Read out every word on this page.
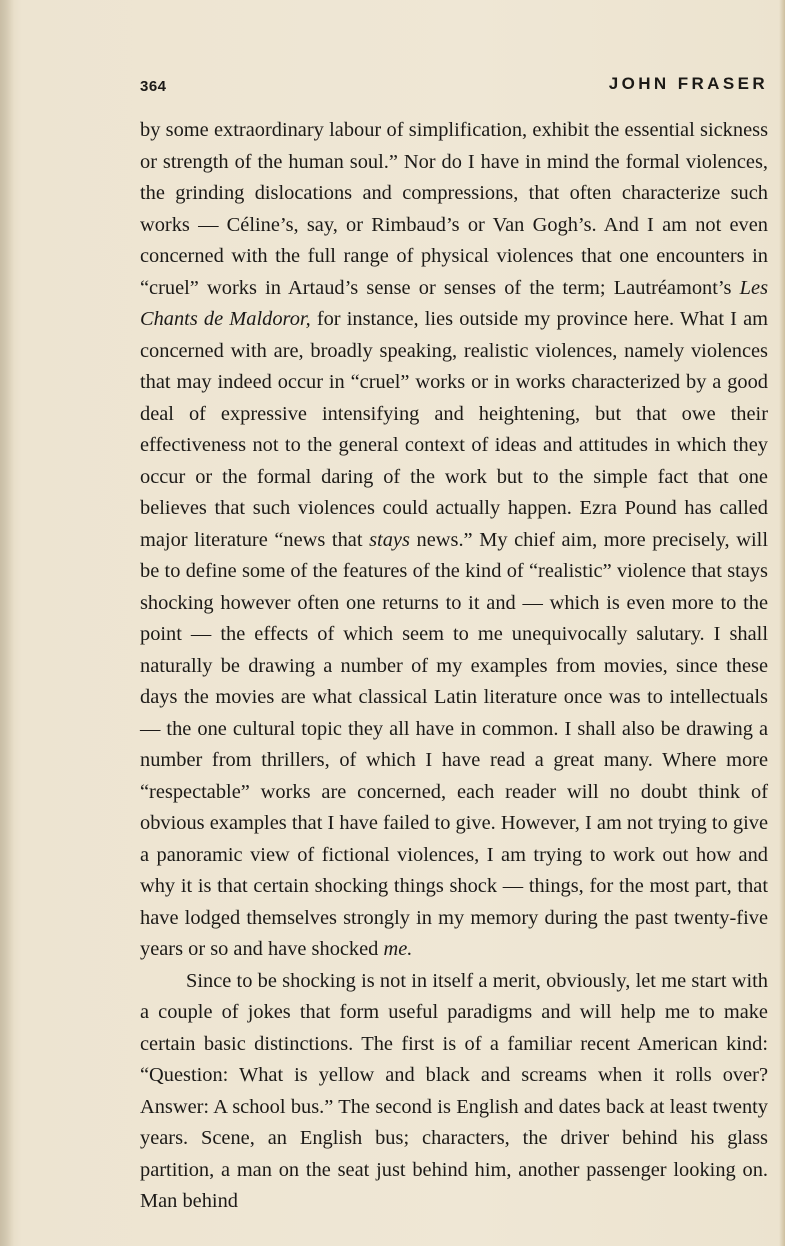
364	JOHN FRASER

by some extraordinary labour of simplification, exhibit the essential sickness or strength of the human soul.” Nor do I have in mind the formal violences, the grinding dislocations and compressions, that often characterize such works — Céline’s, say, or Rimbaud’s or Van Gogh’s. And I am not even concerned with the full range of physical violences that one encounters in “cruel” works in Artaud’s sense or senses of the term; Lautréamont’s Les Chants de Maldoror, for instance, lies outside my province here. What I am concerned with are, broadly speaking, realistic violences, namely violences that may indeed occur in “cruel” works or in works characterized by a good deal of expressive intensifying and heightening, but that owe their effectiveness not to the general context of ideas and attitudes in which they occur or the formal daring of the work but to the simple fact that one believes that such violences could actually happen. Ezra Pound has called major literature “news that stays news.” My chief aim, more precisely, will be to define some of the features of the kind of “realistic” violence that stays shocking however often one returns to it and — which is even more to the point — the effects of which seem to me unequivocally salutary. I shall naturally be drawing a number of my examples from movies, since these days the movies are what classical Latin literature once was to intellectuals — the one cultural topic they all have in common. I shall also be drawing a number from thrillers, of which I have read a great many. Where more “respectable” works are concerned, each reader will no doubt think of obvious examples that I have failed to give. However, I am not trying to give a panoramic view of fictional violences, I am trying to work out how and why it is that certain shocking things shock — things, for the most part, that have lodged themselves strongly in my memory during the past twenty-five years or so and have shocked me.

Since to be shocking is not in itself a merit, obviously, let me start with a couple of jokes that form useful paradigms and will help me to make certain basic distinctions. The first is of a familiar recent American kind: “Question: What is yellow and black and screams when it rolls over? Answer: A school bus.” The second is English and dates back at least twenty years. Scene, an English bus; characters, the driver behind his glass partition, a man on the seat just behind him, another passenger looking on. Man behind
